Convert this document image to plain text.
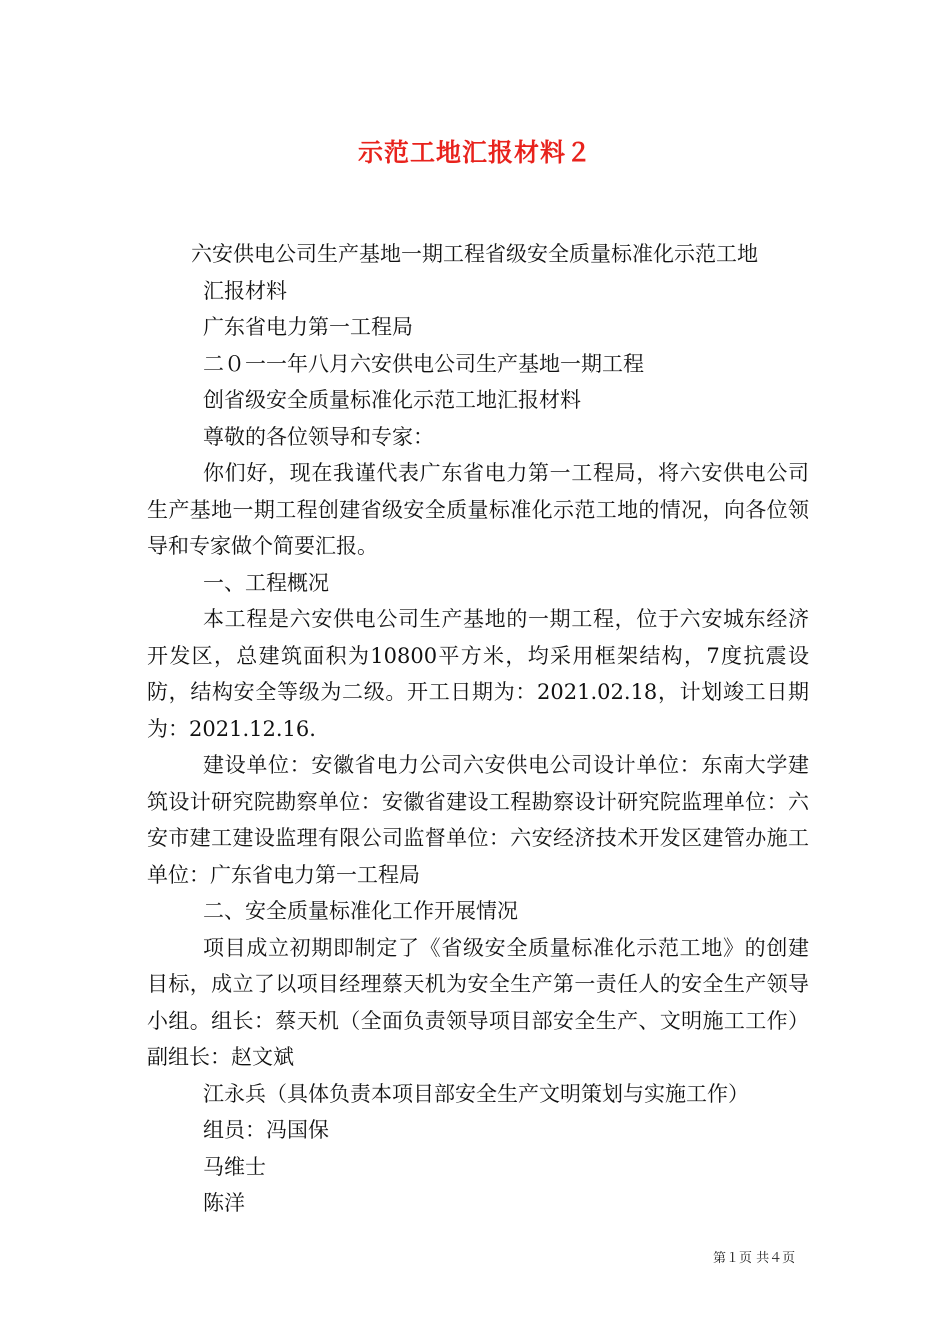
示范工地汇报材料２

六安供电公司生产基地一期工程省级安全质量标准化示范工地

汇报材料

广东省电力第一工程局

二０一一年八月六安供电公司生产基地一期工程

创省级安全质量标准化示范工地汇报材料

尊敬的各位领导和专家：

你们好，现在我谨代表广东省电力第一工程局，将六安供电公司生产基地一期工程创建省级安全质量标准化示范工地的情况，向各位领导和专家做个简要汇报。

一、工程概况

本工程是六安供电公司生产基地的一期工程，位于六安城东经济开发区，总建筑面积为10800平方米，均采用框架结构，7度抗震设防，结构安全等级为二级。开工日期为：2021.02.18，计划竣工日期为：2021.12.16.

建设单位：安徽省电力公司六安供电公司设计单位：东南大学建筑设计研究院勘察单位：安徽省建设工程勘察设计研究院监理单位：六安市建工建设监理有限公司监督单位：六安经济技术开发区建管办施工单位：广东省电力第一工程局

二、安全质量标准化工作开展情况

项目成立初期即制定了《省级安全质量标准化示范工地》的创建目标，成立了以项目经理蔡天机为安全生产第一责任人的安全生产领导小组。组长：蔡天机（全面负责领导项目部安全生产、文明施工工作）副组长：赵文斌

江永兵（具体负责本项目部安全生产文明策划与实施工作）

组员：冯国保

马维士

陈洋

第１页 共４页
